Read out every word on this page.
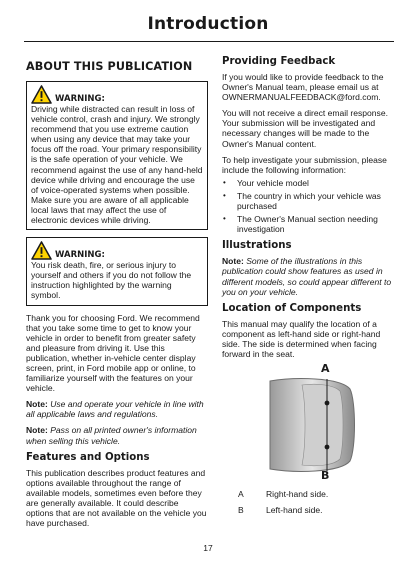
Introduction
ABOUT THIS PUBLICATION
WARNING:
Driving while distracted can result in loss of vehicle control, crash and injury. We strongly recommend that you use extreme caution when using any device that may take your focus off the road. Your primary responsibility is the safe operation of your vehicle. We recommend against the use of any hand-held device while driving and encourage the use of voice-operated systems when possible. Make sure you are aware of all applicable local laws that may affect the use of electronic devices while driving.
WARNING:
You risk death, fire, or serious injury to yourself and others if you do not follow the instruction highlighted by the warning symbol.

Thank you for choosing Ford. We recommend that you take some time to get to know your vehicle in order to benefit from greater safety and pleasure from driving it. Use this publication, whether in-vehicle center display screen, print, in Ford mobile app or online, to familiarize yourself with the features on your vehicle.

Note: Use and operate your vehicle in line with all applicable laws and regulations.

Note: Pass on all printed owner's information when selling this vehicle.

Features and Options

This publication describes product features and options available throughout the range of available models, sometimes even before they are generally available. It could describe options that are not available on the vehicle you have purchased.

Providing Feedback

If you would like to provide feedback to the Owner's Manual team, please email us at OWNERMANUALFEEDBACK@ford.com.

You will not receive a direct email response. Your submission will be investigated and necessary changes will be made to the Owner's Manual content.

To help investigate your submission, please include the following information:

• Your vehicle model
• The country in which your vehicle was purchased
• The Owner's Manual section needing investigation
Illustrations

Note: Some of the illustrations in this publication could show features as used in different models, so could appear different to you on your vehicle.

Location of Components

This manual may qualify the location of a component as left-hand side or right-hand side. The side is determined when facing forward in the seat.

A
B
A	Right-hand side.
B	Left-hand side.
17
